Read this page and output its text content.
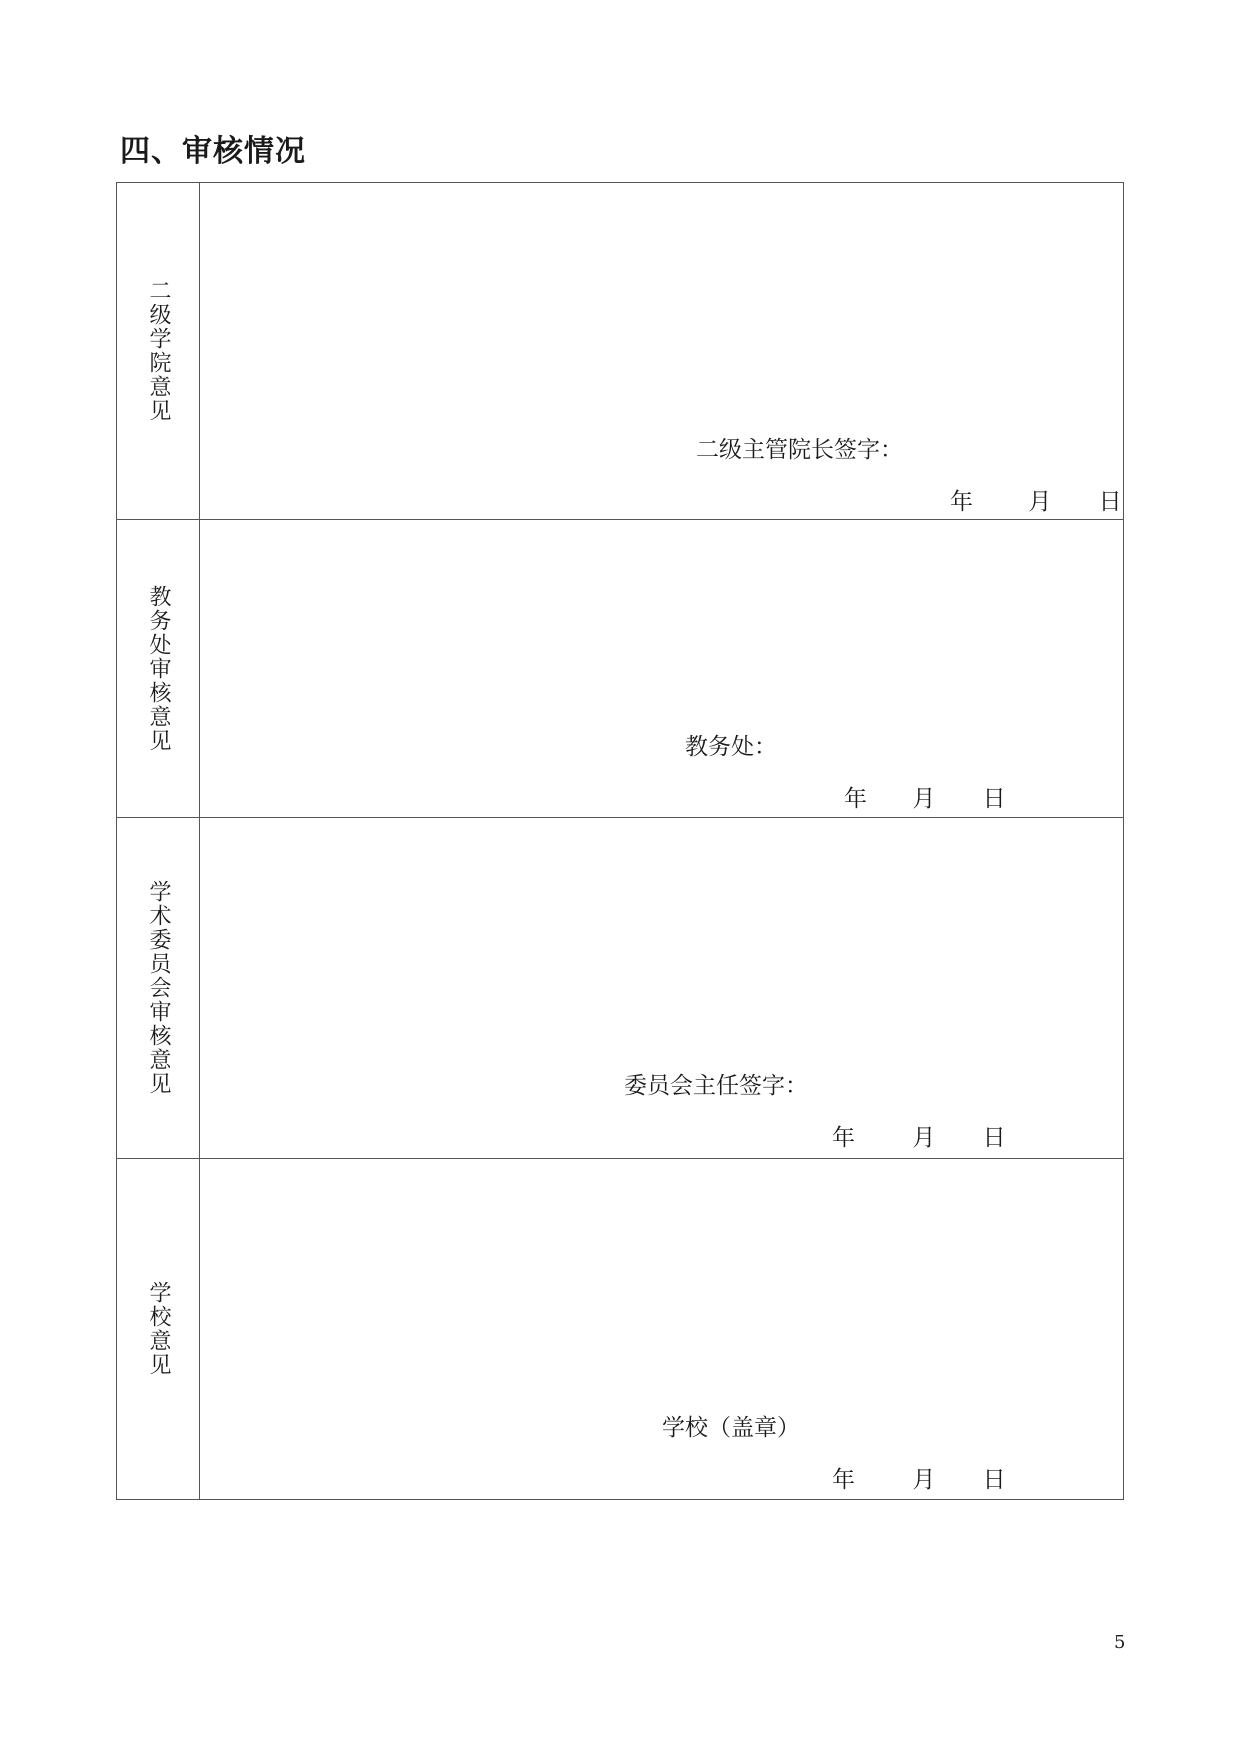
四、审核情况
二级学院意见	二级主管院长签字：
年 月 日

教务处审核意见	教务处：
年 月 日

学术委员会审核意见	委员会主任签字：
年 月 日

学校意见	学校（盖章）
年 月 日
5
